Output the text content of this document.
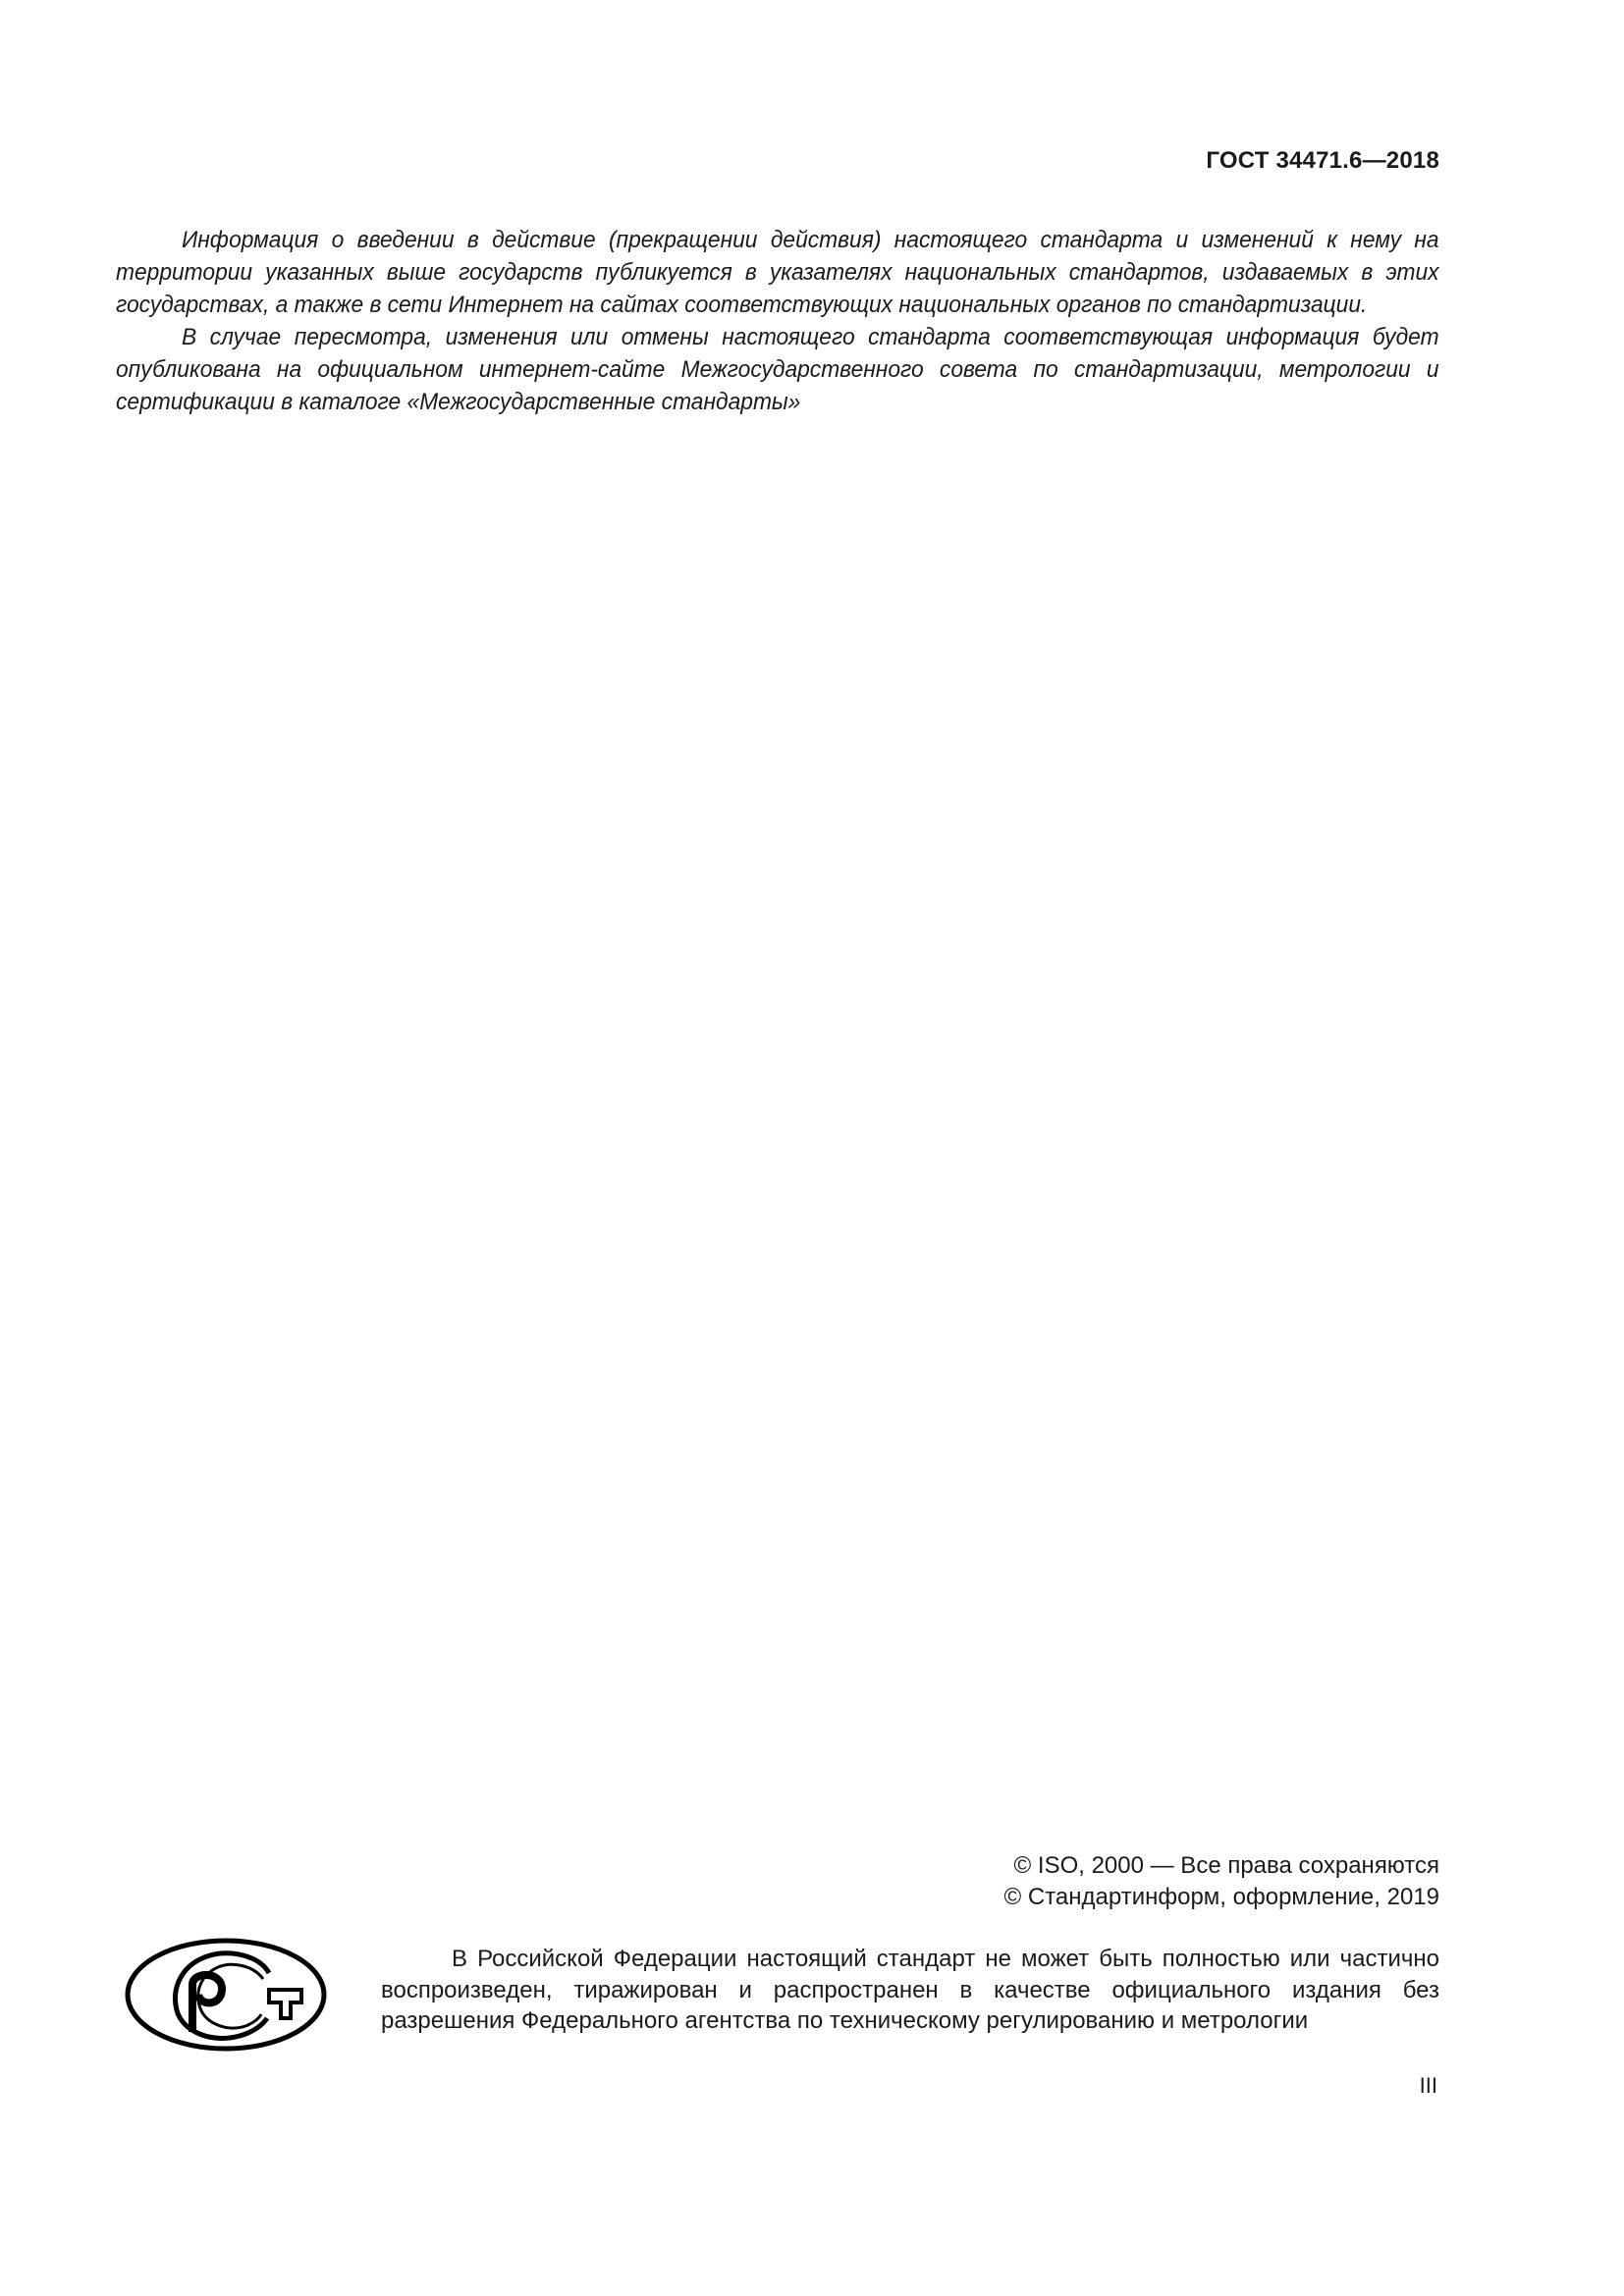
ГОСТ 34471.6—2018

Информация о введении в действие (прекращении действия) настоящего стандарта и изменений к нему на территории указанных выше государств публикуется в указателях национальных стандартов, издаваемых в этих государствах, а также в сети Интернет на сайтах соответствующих национальных органов по стандартизации.

В случае пересмотра, изменения или отмены настоящего стандарта соответствующая информация будет опубликована на официальном интернет-сайте Межгосударственного совета по стандартизации, метрологии и сертификации в каталоге «Межгосударственные стандарты»

© ISO, 2000 — Все права сохраняются
© Стандартинформ, оформление, 2019

В Российской Федерации настоящий стандарт не может быть полностью или частично воспроизведен, тиражирован и распространен в качестве официального издания без разрешения Федерального агентства по техническому регулированию и метрологии

III
